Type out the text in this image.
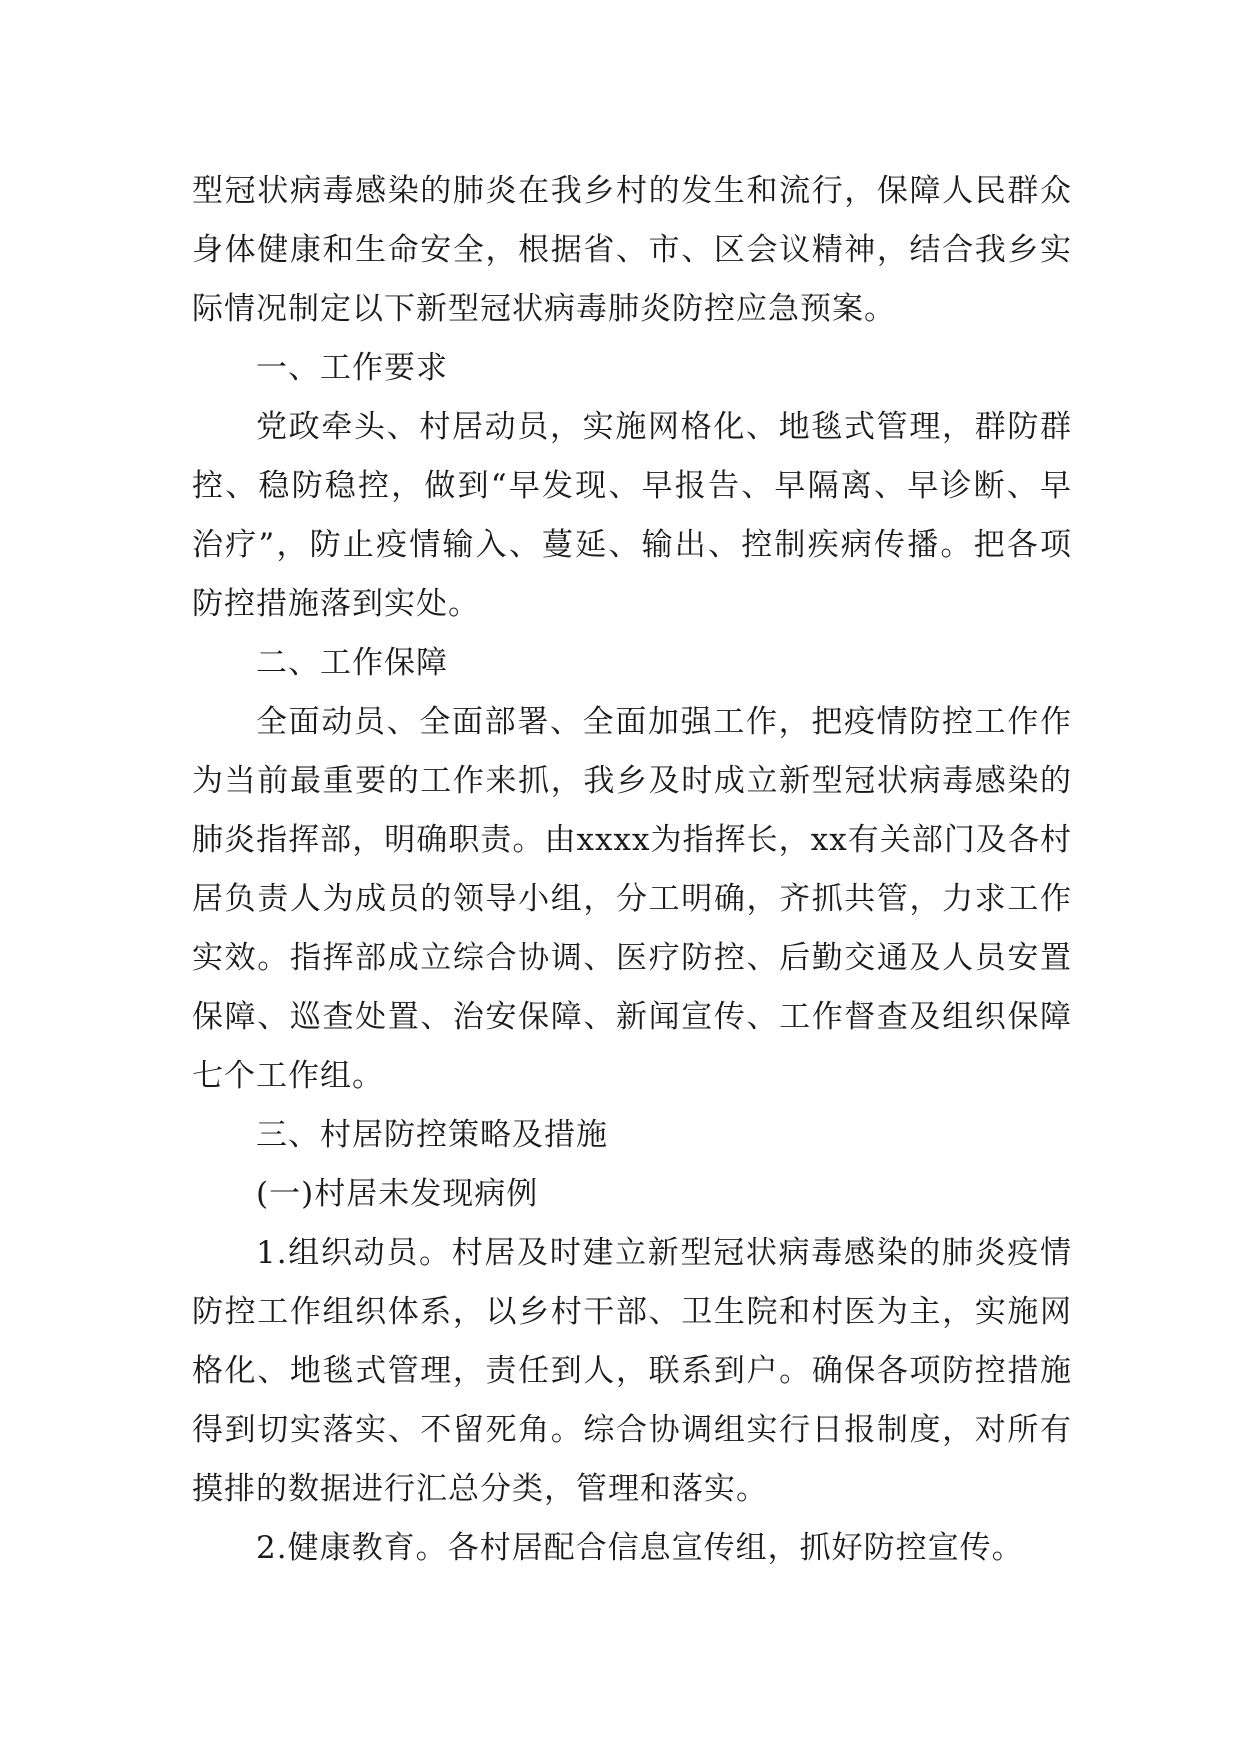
型冠状病毒感染的肺炎在我乡村的发生和流行，保障人民群众身体健康和生命安全，根据省、市、区会议精神，结合我乡实际情况制定以下新型冠状病毒肺炎防控应急预案。

一、工作要求

党政牵头、村居动员，实施网格化、地毯式管理，群防群控、稳防稳控，做到“早发现、早报告、早隔离、早诊断、早治疗”，防止疫情输入、蔓延、输出、控制疾病传播。把各项防控措施落到实处。

二、工作保障

全面动员、全面部署、全面加强工作，把疫情防控工作作为当前最重要的工作来抓，我乡及时成立新型冠状病毒感染的肺炎指挥部，明确职责。由xxxx为指挥长，xx有关部门及各村居负责人为成员的领导小组，分工明确，齐抓共管，力求工作实效。指挥部成立综合协调、医疗防控、后勤交通及人员安置保障、巡查处置、治安保障、新闻宣传、工作督查及组织保障七个工作组。

三、村居防控策略及措施

(一)村居未发现病例

1.组织动员。村居及时建立新型冠状病毒感染的肺炎疫情防控工作组织体系，以乡村干部、卫生院和村医为主，实施网格化、地毯式管理，责任到人，联系到户。确保各项防控措施得到切实落实、不留死角。综合协调组实行日报制度，对所有摸排的数据进行汇总分类，管理和落实。

2.健康教育。各村居配合信息宣传组，抓好防控宣传。
